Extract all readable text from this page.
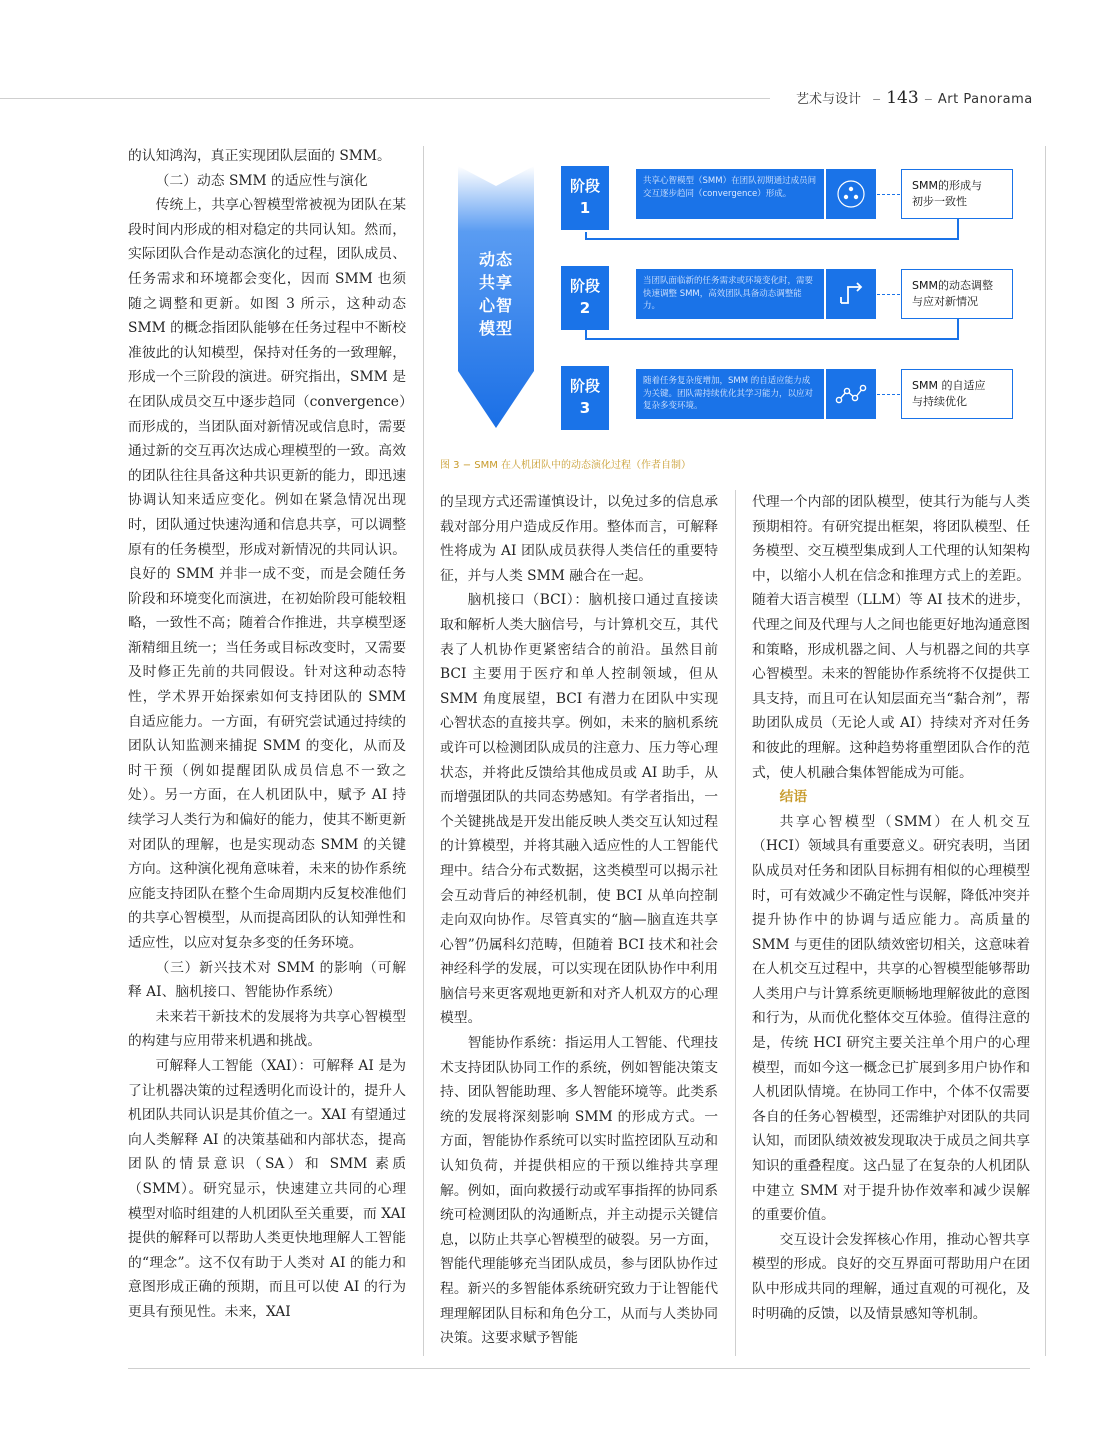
艺术与设计 − 143 − Art Panorama
动态共享心智模型
阶段
1
共享心智模型（SMM）在团队初期通过成员间交互逐步趋同（convergence）形成。
SMM的形成与
初步一致性
阶段
2
当团队面临新的任务需求或环境变化时，需要快速调整 SMM，高效团队具备动态调整能力。
SMM的动态调整
与应对新情况
阶段
3
随着任务复杂度增加，SMM 的自适应能力成为关键。团队需持续优化其学习能力，以应对复杂多变环境。
SMM 的自适应
与持续优化
图 3 − SMM 在人机团队中的动态演化过程（作者自制）

的认知鸿沟，真正实现团队层面的 SMM。

（二）动态 SMM 的适应性与演化

传统上，共享心智模型常被视为团队在某段时间内形成的相对稳定的共同认知。然而，实际团队合作是动态演化的过程，团队成员、任务需求和环境都会变化，因而 SMM 也须随之调整和更新。如图 3 所示，这种动态 SMM 的概念指团队能够在任务过程中不断校准彼此的认知模型，保持对任务的一致理解，形成一个三阶段的演进。研究指出，SMM 是在团队成员交互中逐步趋同（convergence）而形成的，当团队面对新情况或信息时，需要通过新的交互再次达成心理模型的一致。高效的团队往往具备这种共识更新的能力，即迅速协调认知来适应变化。例如在紧急情况出现时，团队通过快速沟通和信息共享，可以调整原有的任务模型，形成对新情况的共同认识。良好的 SMM 并非一成不变，而是会随任务阶段和环境变化而演进，在初始阶段可能较粗略，一致性不高；随着合作推进，共享模型逐渐精细且统一；当任务或目标改变时，又需要及时修正先前的共同假设。针对这种动态特性，学术界开始探索如何支持团队的 SMM 自适应能力。一方面，有研究尝试通过持续的团队认知监测来捕捉 SMM 的变化，从而及时干预（例如提醒团队成员信息不一致之处）。另一方面，在人机团队中，赋予 AI 持续学习人类行为和偏好的能力，使其不断更新对团队的理解，也是实现动态 SMM 的关键方向。这种演化视角意味着，未来的协作系统应能支持团队在整个生命周期内反复校准他们的共享心智模型，从而提高团队的认知弹性和适应性，以应对复杂多变的任务环境。

（三）新兴技术对 SMM 的影响（可解释 AI、脑机接口、智能协作系统）

未来若干新技术的发展将为共享心智模型的构建与应用带来机遇和挑战。

可解释人工智能（XAI）：可解释 AI 是为了让机器决策的过程透明化而设计的，提升人机团队共同认识是其价值之一。XAI 有望通过向人类解释 AI 的决策基础和内部状态，提高团队的情景意识（SA）和 SMM 素质（SMM）。研究显示，快速建立共同的心理模型对临时组建的人机团队至关重要，而 XAI 提供的解释可以帮助人类更快地理解人工智能的“理念”。这不仅有助于人类对 AI 的能力和意图形成正确的预期，而且可以使 AI 的行为更具有预见性。未来，XAI

的呈现方式还需谨慎设计，以免过多的信息承载对部分用户造成反作用。整体而言，可解释性将成为 AI 团队成员获得人类信任的重要特征，并与人类 SMM 融合在一起。

脑机接口（BCI）：脑机接口通过直接读取和解析人类大脑信号，与计算机交互，其代表了人机协作更紧密结合的前沿。虽然目前 BCI 主要用于医疗和单人控制领域，但从 SMM 角度展望，BCI 有潜力在团队中实现心智状态的直接共享。例如，未来的脑机系统或许可以检测团队成员的注意力、压力等心理状态，并将此反馈给其他成员或 AI 助手，从而增强团队的共同态势感知。有学者指出，一个关键挑战是开发出能反映人类交互认知过程的计算模型，并将其融入适应性的人工智能代理中。结合分布式数据，这类模型可以揭示社会互动背后的神经机制，使 BCI 从单向控制走向双向协作。尽管真实的“脑—脑直连共享心智”仍属科幻范畴，但随着 BCI 技术和社会神经科学的发展，可以实现在团队协作中利用脑信号来更客观地更新和对齐人机双方的心理模型。

智能协作系统：指运用人工智能、代理技术支持团队协同工作的系统，例如智能决策支持、团队智能助理、多人智能环境等。此类系统的发展将深刻影响 SMM 的形成方式。一方面，智能协作系统可以实时监控团队互动和认知负荷，并提供相应的干预以维持共享理解。例如，面向救援行动或军事指挥的协同系统可检测团队的沟通断点，并主动提示关键信息，以防止共享心智模型的破裂。另一方面，智能代理能够充当团队成员，参与团队协作过程。新兴的多智能体系统研究致力于让智能代理理解团队目标和角色分工，从而与人类协同决策。这要求赋予智能

代理一个内部的团队模型，使其行为能与人类预期相符。有研究提出框架，将团队模型、任务模型、交互模型集成到人工代理的认知架构中，以缩小人机在信念和推理方式上的差距。随着大语言模型（LLM）等 AI 技术的进步，代理之间及代理与人之间也能更好地沟通意图和策略，形成机器之间、人与机器之间的共享心智模型。未来的智能协作系统将不仅提供工具支持，而且可在认知层面充当“黏合剂”，帮助团队成员（无论人或 AI）持续对齐对任务和彼此的理解。这种趋势将重塑团队合作的范式，使人机融合集体智能成为可能。

结语

共享心智模型（SMM）在人机交互（HCI）领域具有重要意义。研究表明，当团队成员对任务和团队目标拥有相似的心理模型时，可有效减少不确定性与误解，降低冲突并提升协作中的协调与适应能力。高质量的 SMM 与更佳的团队绩效密切相关，这意味着在人机交互过程中，共享的心智模型能够帮助人类用户与计算系统更顺畅地理解彼此的意图和行为，从而优化整体交互体验。值得注意的是，传统 HCI 研究主要关注单个用户的心理模型，而如今这一概念已扩展到多用户协作和人机团队情境。在协同工作中，个体不仅需要各自的任务心智模型，还需维护对团队的共同认知，而团队绩效被发现取决于成员之间共享知识的重叠程度。这凸显了在复杂的人机团队中建立 SMM 对于提升协作效率和减少误解的重要价值。

交互设计会发挥核心作用，推动心智共享模型的形成。良好的交互界面可帮助用户在团队中形成共同的理解，通过直观的可视化，及时明确的反馈，以及情景感知等机制。
